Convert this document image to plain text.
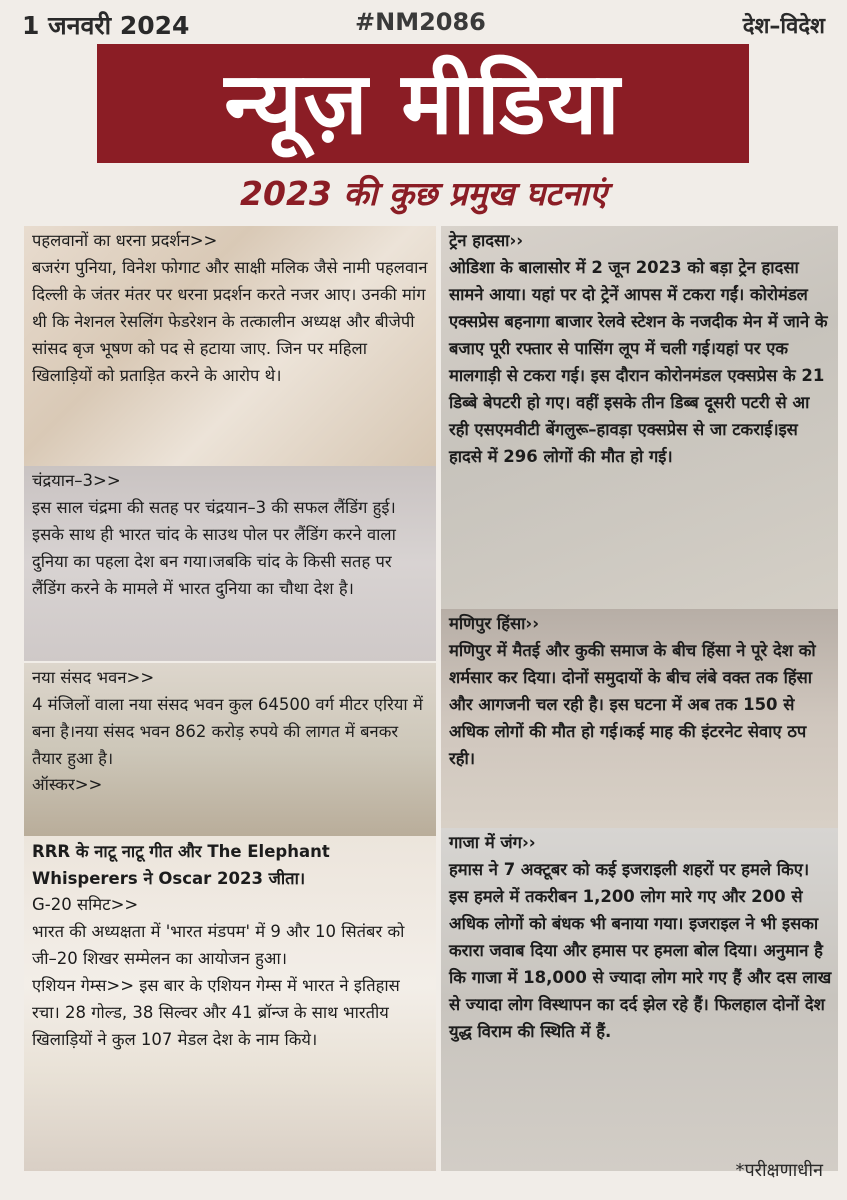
1 जनवरी 2024	#NM2086	देश–विदेश
न्यूज़ मीडिया
2023 की कुछ प्रमुख घटनाएं
पहलवानों का धरना प्रदर्शन>>
बजरंग पुनिया, विनेश फोगाट और साक्षी मलिक जैसे नामी पहलवान दिल्ली के जंतर मंतर पर धरना प्रदर्शन करते नजर आए। उनकी मांग थी कि नेशनल रेसलिंग फेडरेशन के तत्कालीन अध्यक्ष और बीजेपी सांसद बृज भूषण को पद से हटाया जाए. जिन पर महिला खिलाड़ियों को प्रताड़ित करने के आरोप थे।
चंद्रयान–3>>
इस साल चंद्रमा की सतह पर चंद्रयान–3 की सफल लैंडिंग हुई। इसके साथ ही भारत चांद के साउथ पोल पर लैंडिंग करने वाला दुनिया का पहला देश बन गया।जबकि चांद के किसी सतह पर लैंडिंग करने के मामले में भारत दुनिया का चौथा देश है।
नया संसद भवन>>
4 मंजिलों वाला नया संसद भवन कुल 64500 वर्ग मीटर एरिया में बना है।नया संसद भवन 862 करोड़ रुपये की लागत में बनकर तैयार हुआ है।
ऑस्कर>>
RRR के नाटू नाटू गीत और The Elephant Whisperers ने Oscar 2023 जीता।
G-20 समिट>>
भारत की अध्यक्षता में 'भारत मंडपम' में 9 और 10 सितंबर को जी–20 शिखर सम्मेलन का आयोजन हुआ।
एशियन गेम्स>> इस बार के एशियन गेम्स में भारत ने इतिहास रचा। 28 गोल्ड, 38 सिल्वर और 41 ब्रॉन्ज के साथ भारतीय खिलाड़ियों ने कुल 107 मेडल देश के नाम किये।
ट्रेन हादसा››
ओडिशा के बालासोर में 2 जून 2023 को बड़ा ट्रेन हादसा सामने आया। यहां पर दो ट्रेनें आपस में टकरा गईं। कोरोमंडल एक्सप्रेस बहनागा बाजार रेलवे स्टेशन के नजदीक मेन में जाने के बजाए पूरी रफ्तार से पासिंग लूप में चली गई।यहां पर एक मालगाड़ी से टकरा गई। इस दौरान कोरोनमंडल एक्सप्रेस के 21 डिब्बे बेपटरी हो गए। वहीं इसके तीन डिब्ब दूसरी पटरी से आ रही एसएमवीटी बेंगलुरू–हावड़ा एक्सप्रेस से जा टकराई।इस हादसे में 296 लोगों की मौत हो गई।
मणिपुर हिंसा››
मणिपुर में मैतई और कुकी समाज के बीच हिंसा ने पूरे देश को शर्मसार कर दिया। दोनों समुदायों के बीच लंबे वक्त तक हिंसा और आगजनी चल रही है। इस घटना में अब तक 150 से अधिक लोगों की मौत हो गई।कई माह की इंटरनेट सेवाए ठप रही।
गाजा में जंग››
हमास ने 7 अक्टूबर को कई इजराइली शहरों पर हमले किए। इस हमले में तकरीबन 1,200 लोग मारे गए और 200 से अधिक लोगों को बंधक भी बनाया गया। इजराइल ने भी इसका करारा जवाब दिया और हमास पर हमला बोल दिया। अनुमान है कि गाजा में 18,000 से ज्यादा लोग मारे गए हैं और दस लाख से ज्यादा लोग विस्थापन का दर्द झेल रहे हैं। फिलहाल दोनों देश युद्ध विराम की स्थिति में हैं.
*परीक्षणाधीन
